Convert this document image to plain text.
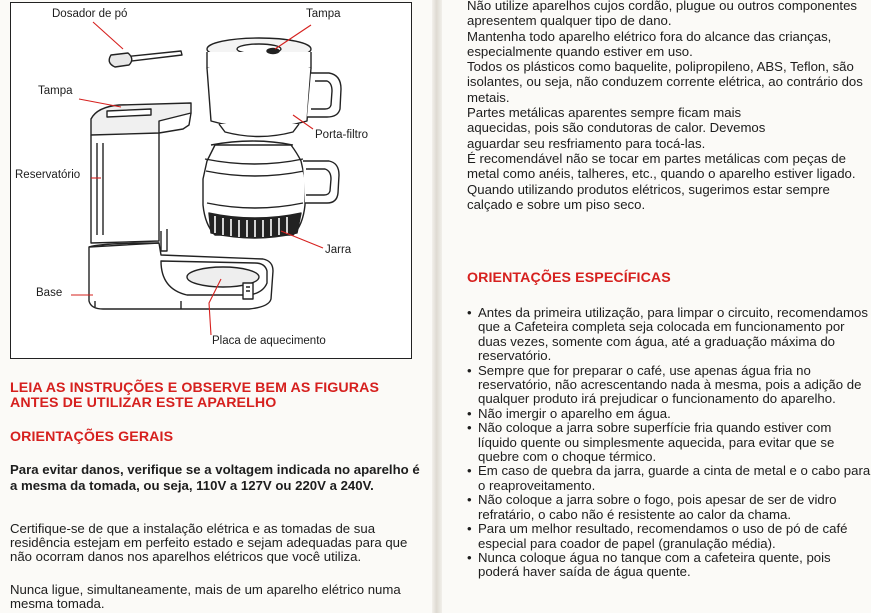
Dosador de pó	Tampa
Tampa
Reservatório
Porta-filtro
Jarra
Base
Placa de aquecimento
LEIA AS INSTRUÇÕES E OBSERVE BEM AS FIGURAS ANTES DE UTILIZAR ESTE APARELHO
ORIENTAÇÕES GERAIS

Para evitar danos, verifique se a voltagem indicada no aparelho é a mesma da tomada, ou seja, 110V a 127V ou 220V a 240V.

Certifique-se de que a instalação elétrica e as tomadas de sua residência estejam em perfeito estado e sejam adequadas para que não ocorram danos nos aparelhos elétricos que você utiliza.

Nunca ligue, simultaneamente, mais de um aparelho elétrico numa mesma tomada.

Não utilize aparelhos cujos cordão, plugue ou outros componentes apresentem qualquer tipo de dano.

Mantenha todo aparelho elétrico fora do alcance das crianças, especialmente quando estiver em uso.

Todos os plásticos como baquelite, polipropileno, ABS, Teflon, são isolantes, ou seja, não conduzem corrente elétrica, ao contrário dos metais.

Partes metálicas aparentes sempre ficam mais aquecidas, pois são condutoras de calor. Devemos aguardar seu resfriamento para tocá-las.

É recomendável não se tocar em partes metálicas com peças de metal como anéis, talheres, etc., quando o aparelho estiver ligado.

Quando utilizando produtos elétricos, sugerimos estar sempre calçado e sobre um piso seco.

ORIENTAÇÕES ESPECÍFICAS
• Antes da primeira utilização, para limpar o circuito, recomendamos que a Cafeteira completa seja colocada em funcionamento por duas vezes, somente com água, até a graduação máxima do reservatório.
• Sempre que for preparar o café, use apenas água fria no reservatório, não acrescentando nada à mesma, pois a adição de qualquer produto irá prejudicar o funcionamento do aparelho.
• Não imergir o aparelho em água.
• Não coloque a jarra sobre superfície fria quando estiver com líquido quente ou simplesmente aquecida, para evitar que se quebre com o choque térmico.
• Em caso de quebra da jarra, guarde a cinta de metal e o cabo para o reaproveitamento.
• Não coloque a jarra sobre o fogo, pois apesar de ser de vidro refratário, o cabo não é resistente ao calor da chama.
• Para um melhor resultado, recomendamos o uso de pó de café especial para coador de papel (granulação média).
• Nunca coloque água no tanque com a cafeteira quente, pois poderá haver saída de água quente.
